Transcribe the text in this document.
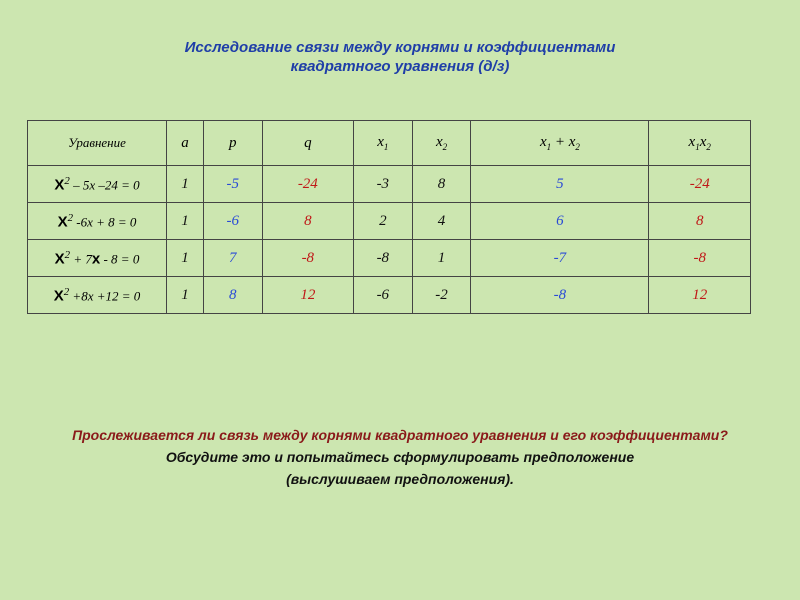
Исследование связи между корнями и коэффициентами
квадратного уравнения (д/з)
Уравнение	a	p	q	$x_1$	$x_2$	$x_1 + x_2$	$x_1x_2$
$X^2 - 5x$ –24 = 0	1	-5	-24	-3	8	5	-24
$X^2$ -6x + 8 = 0	1	-6	8	2	4	6	8
$X^2 + 7x - 8 = 0$	1	7	-8	-8	1	-7	-8
$X^2 +8x +12 = 0$	1	8	12	-6	-2	-8	12
Прослеживается ли связь между корнями квадратного уравнения и его коэффициентами?
Обсудите это и попытайтесь сформулировать предположение
(выслушиваем предположения).
